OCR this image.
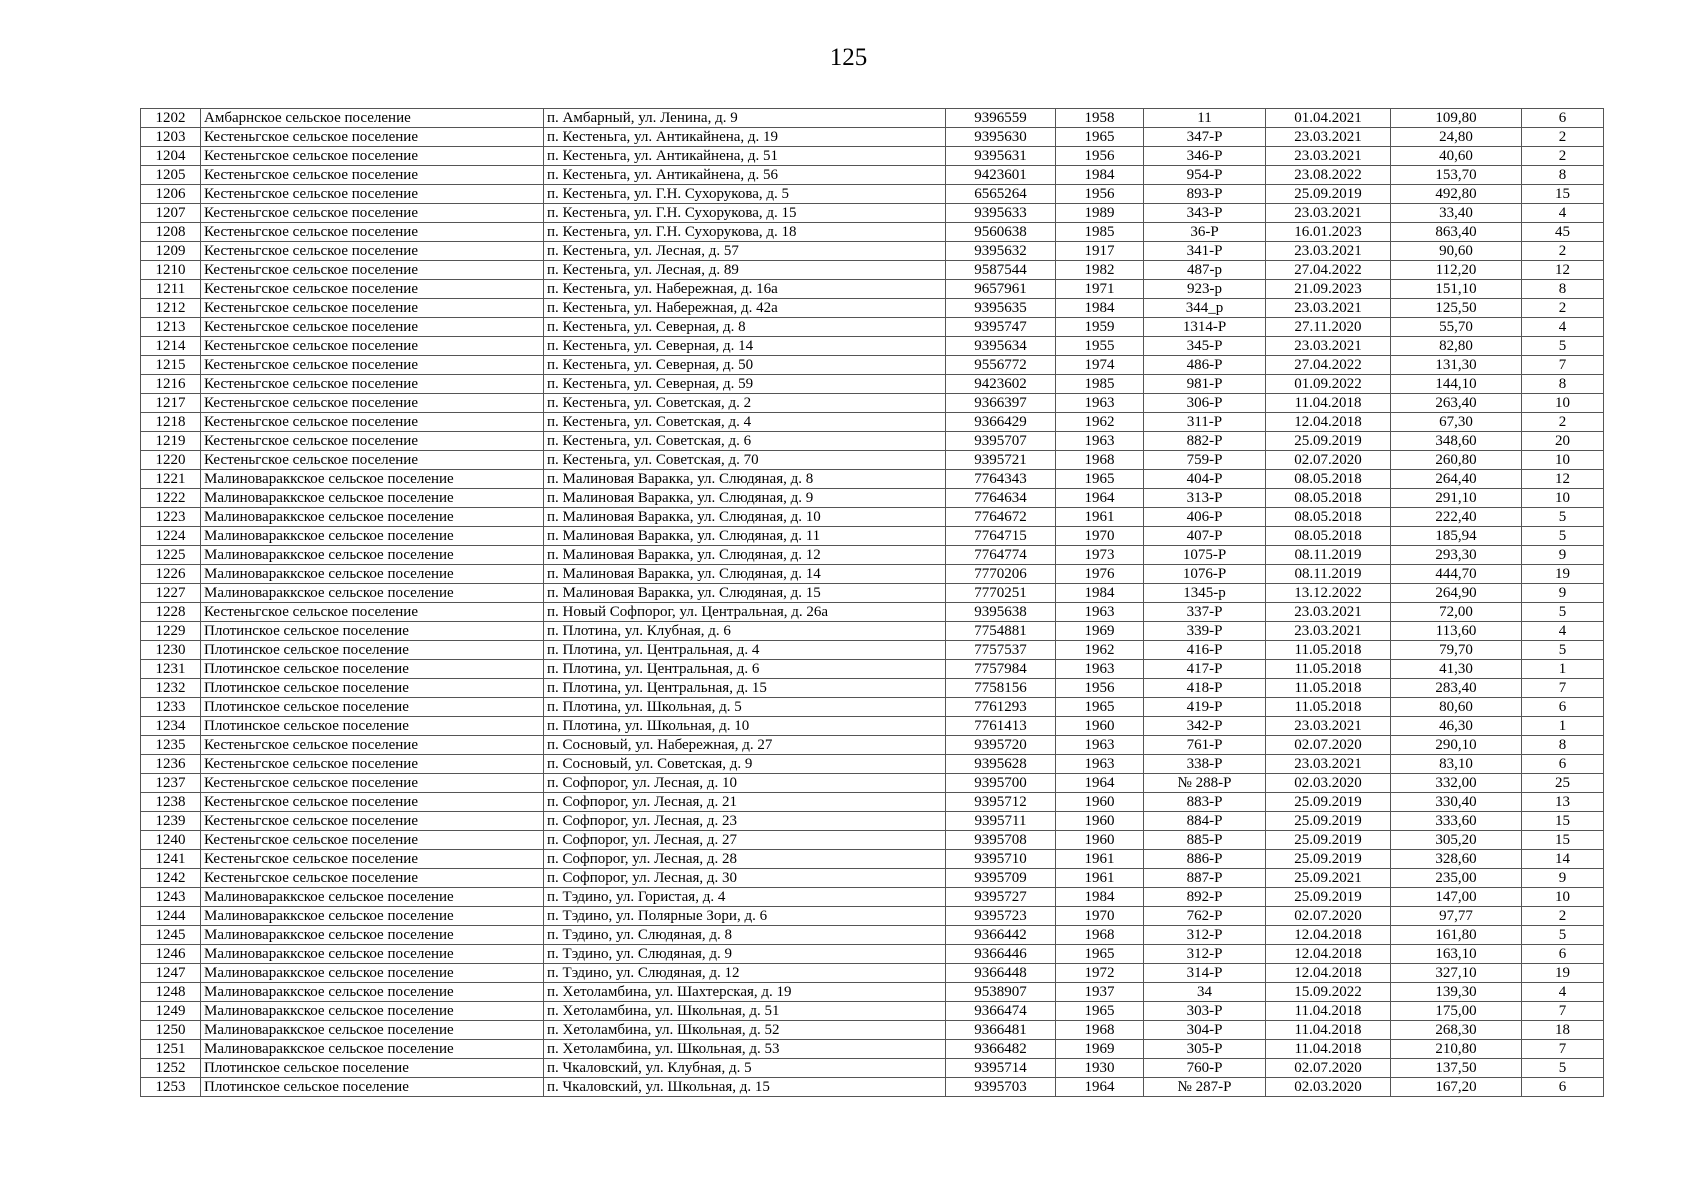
125
1202	Амбарнское сельское поселение	п. Амбарный, ул. Ленина, д. 9	9396559	1958	11	01.04.2021	109,80	6
1203	Кестеньгское сельское поселение	п. Кестеньга, ул. Антикайнена, д. 19	9395630	1965	347-Р	23.03.2021	24,80	2
1204	Кестеньгское сельское поселение	п. Кестеньга, ул. Антикайнена, д. 51	9395631	1956	346-Р	23.03.2021	40,60	2
1205	Кестеньгское сельское поселение	п. Кестеньга, ул. Антикайнена, д. 56	9423601	1984	954-Р	23.08.2022	153,70	8
1206	Кестеньгское сельское поселение	п. Кестеньга, ул. Г.Н. Сухорукова, д. 5	6565264	1956	893-Р	25.09.2019	492,80	15
1207	Кестеньгское сельское поселение	п. Кестеньга, ул. Г.Н. Сухорукова, д. 15	9395633	1989	343-Р	23.03.2021	33,40	4
1208	Кестеньгское сельское поселение	п. Кестеньга, ул. Г.Н. Сухорукова, д. 18	9560638	1985	36-Р	16.01.2023	863,40	45
1209	Кестеньгское сельское поселение	п. Кестеньга, ул. Лесная, д. 57	9395632	1917	341-Р	23.03.2021	90,60	2
1210	Кестеньгское сельское поселение	п. Кестеньга, ул. Лесная, д. 89	9587544	1982	487-р	27.04.2022	112,20	12
1211	Кестеньгское сельское поселение	п. Кестеньга, ул. Набережная, д. 16а	9657961	1971	923-р	21.09.2023	151,10	8
1212	Кестеньгское сельское поселение	п. Кестеньга, ул. Набережная, д. 42а	9395635	1984	344_р	23.03.2021	125,50	2
1213	Кестеньгское сельское поселение	п. Кестеньга, ул. Северная, д. 8	9395747	1959	1314-Р	27.11.2020	55,70	4
1214	Кестеньгское сельское поселение	п. Кестеньга, ул. Северная, д. 14	9395634	1955	345-Р	23.03.2021	82,80	5
1215	Кестеньгское сельское поселение	п. Кестеньга, ул. Северная, д. 50	9556772	1974	486-Р	27.04.2022	131,30	7
1216	Кестеньгское сельское поселение	п. Кестеньга, ул. Северная, д. 59	9423602	1985	981-Р	01.09.2022	144,10	8
1217	Кестеньгское сельское поселение	п. Кестеньга, ул. Советская, д. 2	9366397	1963	306-Р	11.04.2018	263,40	10
1218	Кестеньгское сельское поселение	п. Кестеньга, ул. Советская, д. 4	9366429	1962	311-Р	12.04.2018	67,30	2
1219	Кестеньгское сельское поселение	п. Кестеньга, ул. Советская, д. 6	9395707	1963	882-Р	25.09.2019	348,60	20
1220	Кестеньгское сельское поселение	п. Кестеньга, ул. Советская, д. 70	9395721	1968	759-Р	02.07.2020	260,80	10
1221	Малиновараккское сельское поселение	п. Малиновая Варакка, ул. Слюдяная, д. 8	7764343	1965	404-Р	08.05.2018	264,40	12
1222	Малиновараккское сельское поселение	п. Малиновая Варакка, ул. Слюдяная, д. 9	7764634	1964	313-Р	08.05.2018	291,10	10
1223	Малиновараккское сельское поселение	п. Малиновая Варакка, ул. Слюдяная, д. 10	7764672	1961	406-Р	08.05.2018	222,40	5
1224	Малиновараккское сельское поселение	п. Малиновая Варакка, ул. Слюдяная, д. 11	7764715	1970	407-Р	08.05.2018	185,94	5
1225	Малиновараккское сельское поселение	п. Малиновая Варакка, ул. Слюдяная, д. 12	7764774	1973	1075-Р	08.11.2019	293,30	9
1226	Малиновараккское сельское поселение	п. Малиновая Варакка, ул. Слюдяная, д. 14	7770206	1976	1076-Р	08.11.2019	444,70	19
1227	Малиновараккское сельское поселение	п. Малиновая Варакка, ул. Слюдяная, д. 15	7770251	1984	1345-р	13.12.2022	264,90	9
1228	Кестеньгское сельское поселение	п. Новый Софпорог, ул. Центральная, д. 26а	9395638	1963	337-Р	23.03.2021	72,00	5
1229	Плотинское сельское поселение	п. Плотина, ул. Клубная, д. 6	7754881	1969	339-Р	23.03.2021	113,60	4
1230	Плотинское сельское поселение	п. Плотина, ул. Центральная, д. 4	7757537	1962	416-Р	11.05.2018	79,70	5
1231	Плотинское сельское поселение	п. Плотина, ул. Центральная, д. 6	7757984	1963	417-Р	11.05.2018	41,30	1
1232	Плотинское сельское поселение	п. Плотина, ул. Центральная, д. 15	7758156	1956	418-Р	11.05.2018	283,40	7
1233	Плотинское сельское поселение	п. Плотина, ул. Школьная, д. 5	7761293	1965	419-Р	11.05.2018	80,60	6
1234	Плотинское сельское поселение	п. Плотина, ул. Школьная, д. 10	7761413	1960	342-Р	23.03.2021	46,30	1
1235	Кестеньгское сельское поселение	п. Сосновый, ул. Набережная, д. 27	9395720	1963	761-Р	02.07.2020	290,10	8
1236	Кестеньгское сельское поселение	п. Сосновый, ул. Советская, д. 9	9395628	1963	338-Р	23.03.2021	83,10	6
1237	Кестеньгское сельское поселение	п. Софпорог, ул. Лесная, д. 10	9395700	1964	№ 288-Р	02.03.2020	332,00	25
1238	Кестеньгское сельское поселение	п. Софпорог, ул. Лесная, д. 21	9395712	1960	883-Р	25.09.2019	330,40	13
1239	Кестеньгское сельское поселение	п. Софпорог, ул. Лесная, д. 23	9395711	1960	884-Р	25.09.2019	333,60	15
1240	Кестеньгское сельское поселение	п. Софпорог, ул. Лесная, д. 27	9395708	1960	885-Р	25.09.2019	305,20	15
1241	Кестеньгское сельское поселение	п. Софпорог, ул. Лесная, д. 28	9395710	1961	886-Р	25.09.2019	328,60	14
1242	Кестеньгское сельское поселение	п. Софпорог, ул. Лесная, д. 30	9395709	1961	887-Р	25.09.2021	235,00	9
1243	Малиновараккское сельское поселение	п. Тэдино, ул. Гористая, д. 4	9395727	1984	892-Р	25.09.2019	147,00	10
1244	Малиновараккское сельское поселение	п. Тэдино, ул. Полярные Зори, д. 6	9395723	1970	762-Р	02.07.2020	97,77	2
1245	Малиновараккское сельское поселение	п. Тэдино, ул. Слюдяная, д. 8	9366442	1968	312-Р	12.04.2018	161,80	5
1246	Малиновараккское сельское поселение	п. Тэдино, ул. Слюдяная, д. 9	9366446	1965	312-Р	12.04.2018	163,10	6
1247	Малиновараккское сельское поселение	п. Тэдино, ул. Слюдяная, д. 12	9366448	1972	314-Р	12.04.2018	327,10	19
1248	Малиновараккское сельское поселение	п. Хетоламбина, ул. Шахтерская, д. 19	9538907	1937	34	15.09.2022	139,30	4
1249	Малиновараккское сельское поселение	п. Хетоламбина, ул. Школьная, д. 51	9366474	1965	303-Р	11.04.2018	175,00	7
1250	Малиновараккское сельское поселение	п. Хетоламбина, ул. Школьная, д. 52	9366481	1968	304-Р	11.04.2018	268,30	18
1251	Малиновараккское сельское поселение	п. Хетоламбина, ул. Школьная, д. 53	9366482	1969	305-Р	11.04.2018	210,80	7
1252	Плотинское сельское поселение	п. Чкаловский, ул. Клубная, д. 5	9395714	1930	760-Р	02.07.2020	137,50	5
1253	Плотинское сельское поселение	п. Чкаловский, ул. Школьная, д. 15	9395703	1964	№ 287-Р	02.03.2020	167,20	6
